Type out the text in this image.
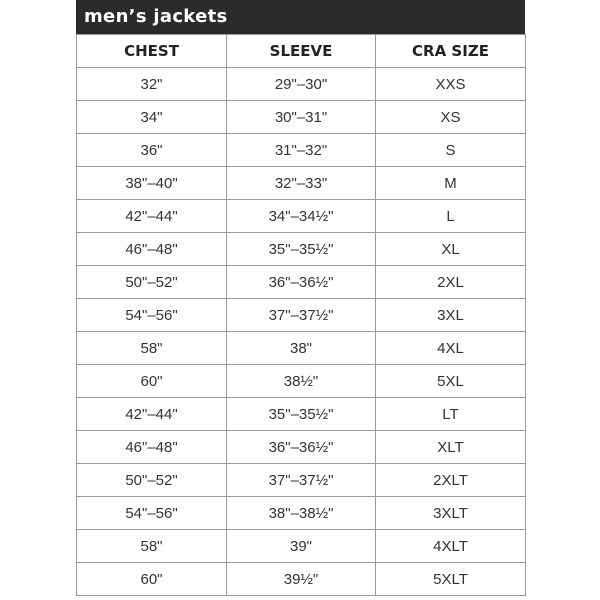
men’s jackets
CHEST	SLEEVE	CRA SIZE
32"	29"–30"	XXS
34"	30"–31"	XS
36"	31"–32"	S
38"–40"	32"–33"	M
42"–44"	34"–34½"	L
46"–48"	35"–35½"	XL
50"–52"	36"–36½"	2XL
54"–56"	37"–37½"	3XL
58"	38"	4XL
60"	38½"	5XL
42"–44"	35"–35½"	LT
46"–48"	36"–36½"	XLT
50"–52"	37"–37½"	2XLT
54"–56"	38"–38½"	3XLT
58"	39"	4XLT
60"	39½"	5XLT
